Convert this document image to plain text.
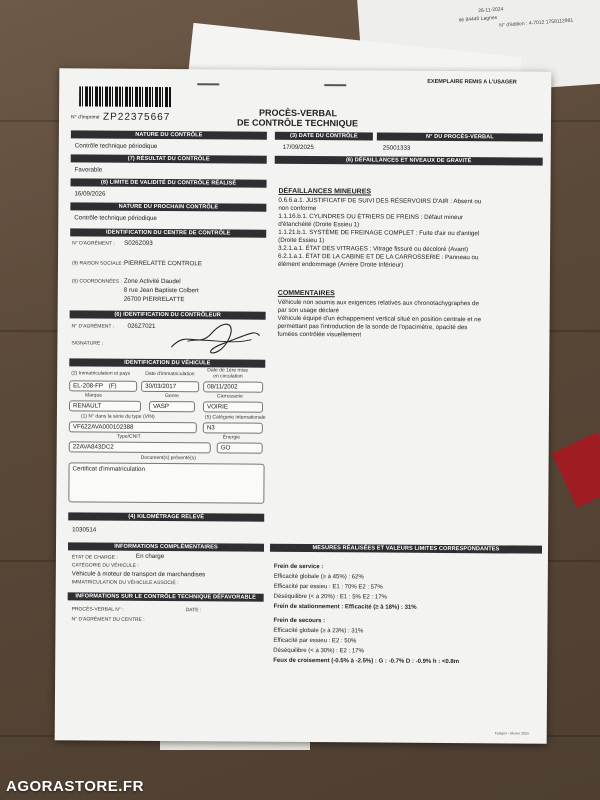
26-11-2024
ité 84440 Lagnes N° d'édition : 4-7012 1758112981
EXEMPLAIRE REMIS A L'USAGER
N° d'imprimé ZP22375667	PROCÈS-VERBAL
DE CONTRÔLE TECHNIQUE
NATURE DU CONTRÔLE
Contrôle technique périodique
(3) DATE DU CONTRÔLE
17/09/2025
N° DU PROCÈS-VERBAL
25001333
(7) RÉSULTAT DU CONTRÔLE
Favorable
(8) LIMITE DE VALIDITÉ DU CONTRÔLE RÉALISÉ
16/09/2026
NATURE DU PROCHAIN CONTRÔLE
Contrôle technique périodique
IDENTIFICATION DU CENTRE DE CONTRÔLE
N° D'AGRÉMENT : S026Z093
(9) RAISON SOCIALE : PIERRELATTE CONTROLE
(5) COORDONNÉES : Zone Activité Daudel
8 rue Jean Baptiste Colbert
26700 PIERRELATTE
(6) IDENTIFICATION DU CONTRÔLEUR
N° D'AGRÉMENT : 026Z7021
SIGNATURE :
IDENTIFICATION DU VÉHICULE
(2) Immatriculation et pays	Date d'immatriculation
Date de 1ère mise
en circulation
EL-208-FP (F)	30/03/2017	08/11/2002
Marque	Genre	Carrosserie
RENAULT	VASP	VOIRIE
(1) N° dans la série du type (VIN)	(5) Catégorie internationale
VF622AVA000102388	N3
Type/CNIT	Énergie
22AVA843DC2	GO
Document(s) présenté(s)
Certificat d'immatriculation
(4) KILOMÉTRAGE RELEVÉ
1030514
INFORMATIONS COMPLÉMENTAIRES
ÉTAT DE CHARGE :	En charge
CATÉGORIE DU VÉHICULE :
Véhicule à moteur de transport de marchandises
IMMATRICULATION DU VÉHICULE ASSOCIÉ :
INFORMATIONS SUR LE CONTRÔLE TECHNIQUE DÉFAVORABLE
PROCÈS-VERBAL N° :	DATE :
N° D'AGRÉMENT DU CENTRE :
(6) DÉFAILLANCES ET NIVEAUX DE GRAVITÉ
DÉFAILLANCES MINEURES
0.6.6.a.1. JUSTIFICATIF DE SUIVI DES RÉSERVOIRS D'AIR : Absent ou
non conforme
1.1.16.b.1. CYLINDRES OU ÉTRIERS DE FREINS : Défaut mineur
d'étanchéité (Droite Essieu 1)
1.1.21.b.1. SYSTÈME DE FREINAGE COMPLET : Fuite d'air ou d'antigel
(Droite Essieu 1)
3.2.1.a.1. ÉTAT DES VITRAGES : Vitrage fissuré ou décoloré (Avant)
6.2.1.a.1. ÉTAT DE LA CABINE ET DE LA CARROSSERIE : Panneau ou
élément endommagé (Arrière Droite Inférieur)
COMMENTAIRES
Véhicule non soumis aux exigences relatives aux chronotachygraphes de
par son usage déclaré
Véhicule équipé d'un échappement vertical situé en position centrale et ne
permettant pas l'introduction de la sonde de l'opacimètre, opacité des
fumées contrôlée visuellement
MESURES RÉALISÉES ET VALEURS LIMITES CORRESPONDANTES
Frein de service :
Efficacité globale (≥ à 45%) : 62%
Efficacité par essieu : E1 : 70% E2 : 57%
Déséquilibre (< à 20%) : E1 : 5% E2 : 17%
Frein de stationnement : Efficacité (≥ à 18%) : 31%
Frein de secours :
Efficacité globale (≥ à 23%) : 31%
Efficacité par essieu : E2 : 50%
Déséquilibre (< à 30%) : E2 : 17%
Feux de croisement (-0.5% à -2.5%) : G : -0.7% D : -0.9% h : <0.8m
Fusigon - février 2024
AGORASTORE.FR
